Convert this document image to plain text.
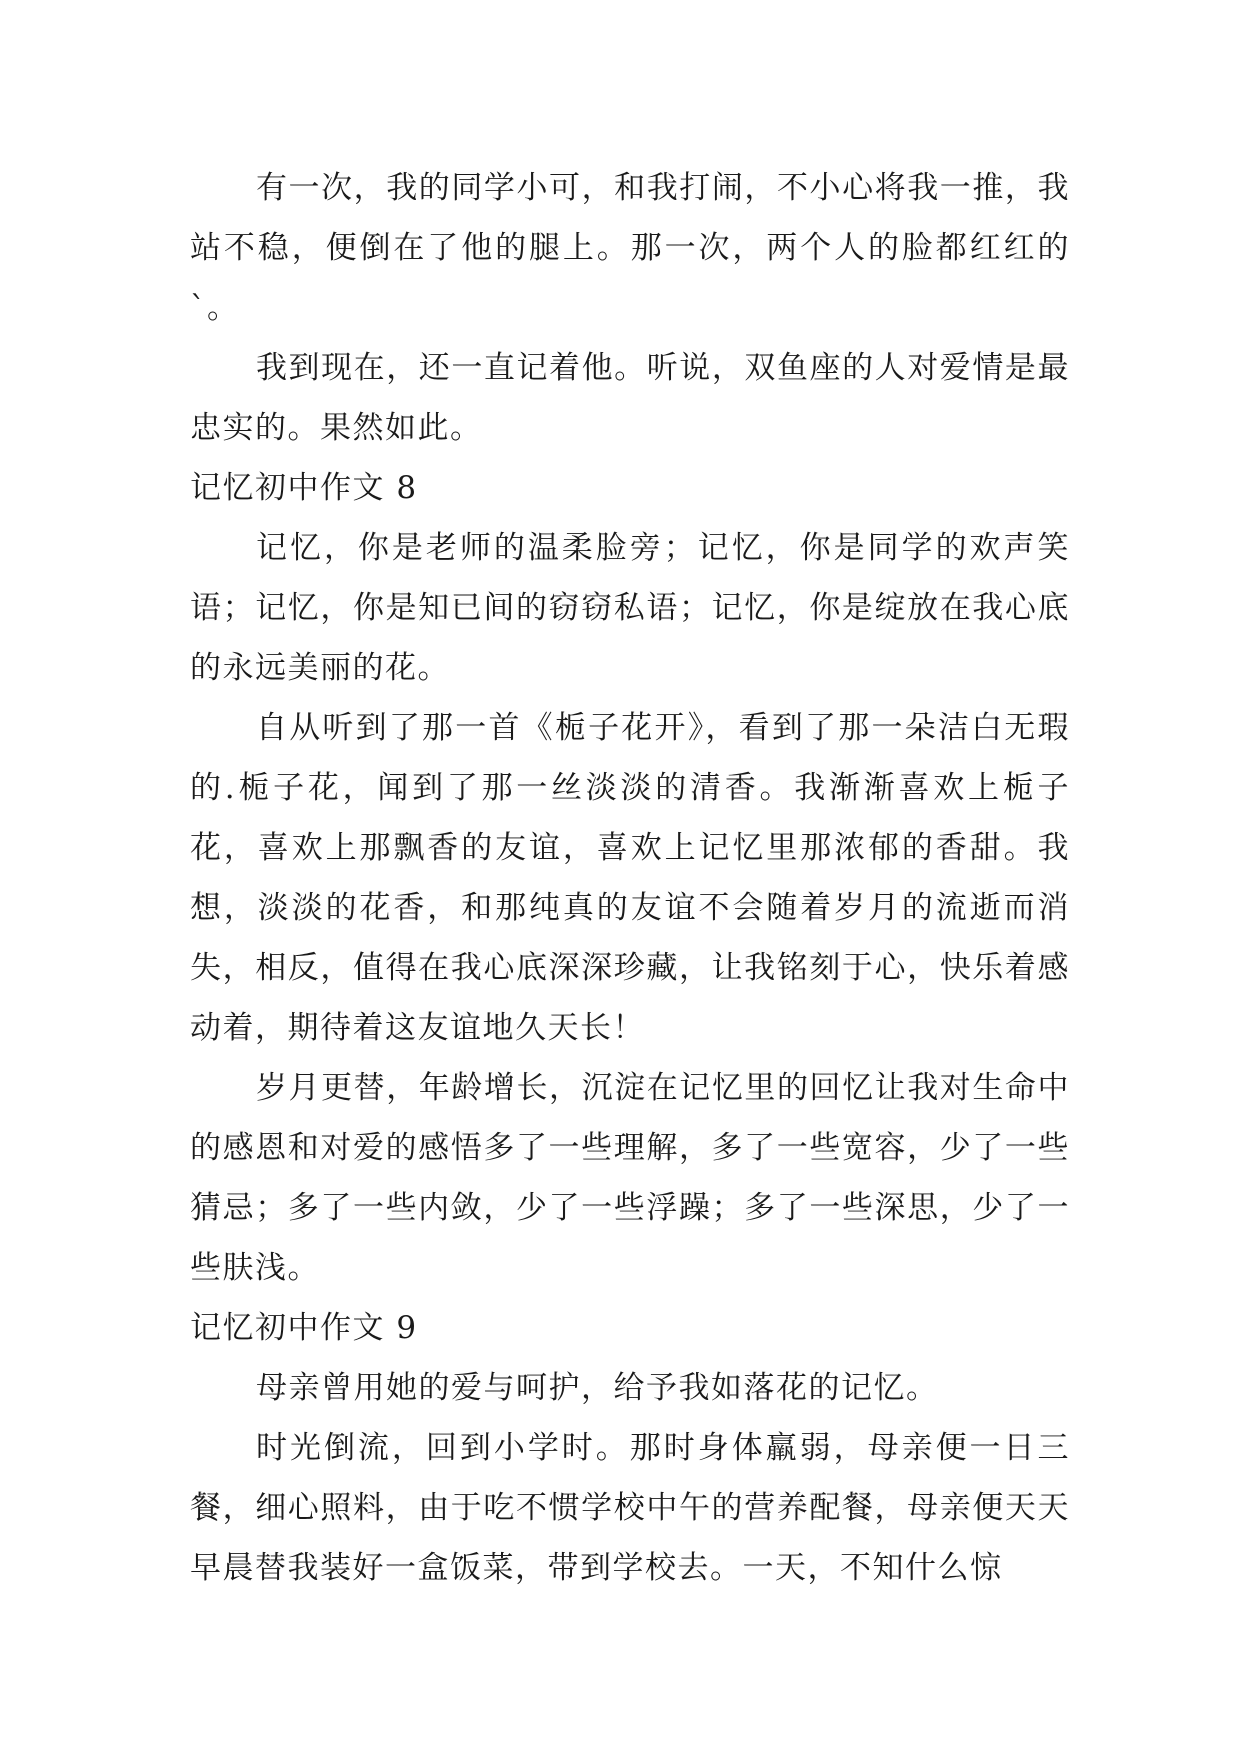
有一次，我的同学小可，和我打闹，不小心将我一推，我站不稳，便倒在了他的腿上。那一次，两个人的脸都红红的`。

我到现在，还一直记着他。听说，双鱼座的人对爱情是最忠实的。果然如此。

记忆初中作文 8

记忆，你是老师的温柔脸旁；记忆，你是同学的欢声笑语；记忆，你是知已间的窃窃私语；记忆，你是绽放在我心底的永远美丽的花。

自从听到了那一首《栀子花开》，看到了那一朵洁白无瑕的.栀子花，闻到了那一丝淡淡的清香。我渐渐喜欢上栀子花，喜欢上那飘香的友谊，喜欢上记忆里那浓郁的香甜。我想，淡淡的花香，和那纯真的友谊不会随着岁月的流逝而消失，相反，值得在我心底深深珍藏，让我铭刻于心，快乐着感动着，期待着这友谊地久天长！

岁月更替，年龄增长，沉淀在记忆里的回忆让我对生命中的感恩和对爱的感悟多了一些理解，多了一些宽容，少了一些猜忌；多了一些内敛，少了一些浮躁；多了一些深思，少了一些肤浅。

记忆初中作文 9

母亲曾用她的爱与呵护，给予我如落花的记忆。

时光倒流，回到小学时。那时身体羸弱，母亲便一日三餐，细心照料，由于吃不惯学校中午的营养配餐，母亲便天天早晨替我装好一盒饭菜，带到学校去。一天，不知什么惊
